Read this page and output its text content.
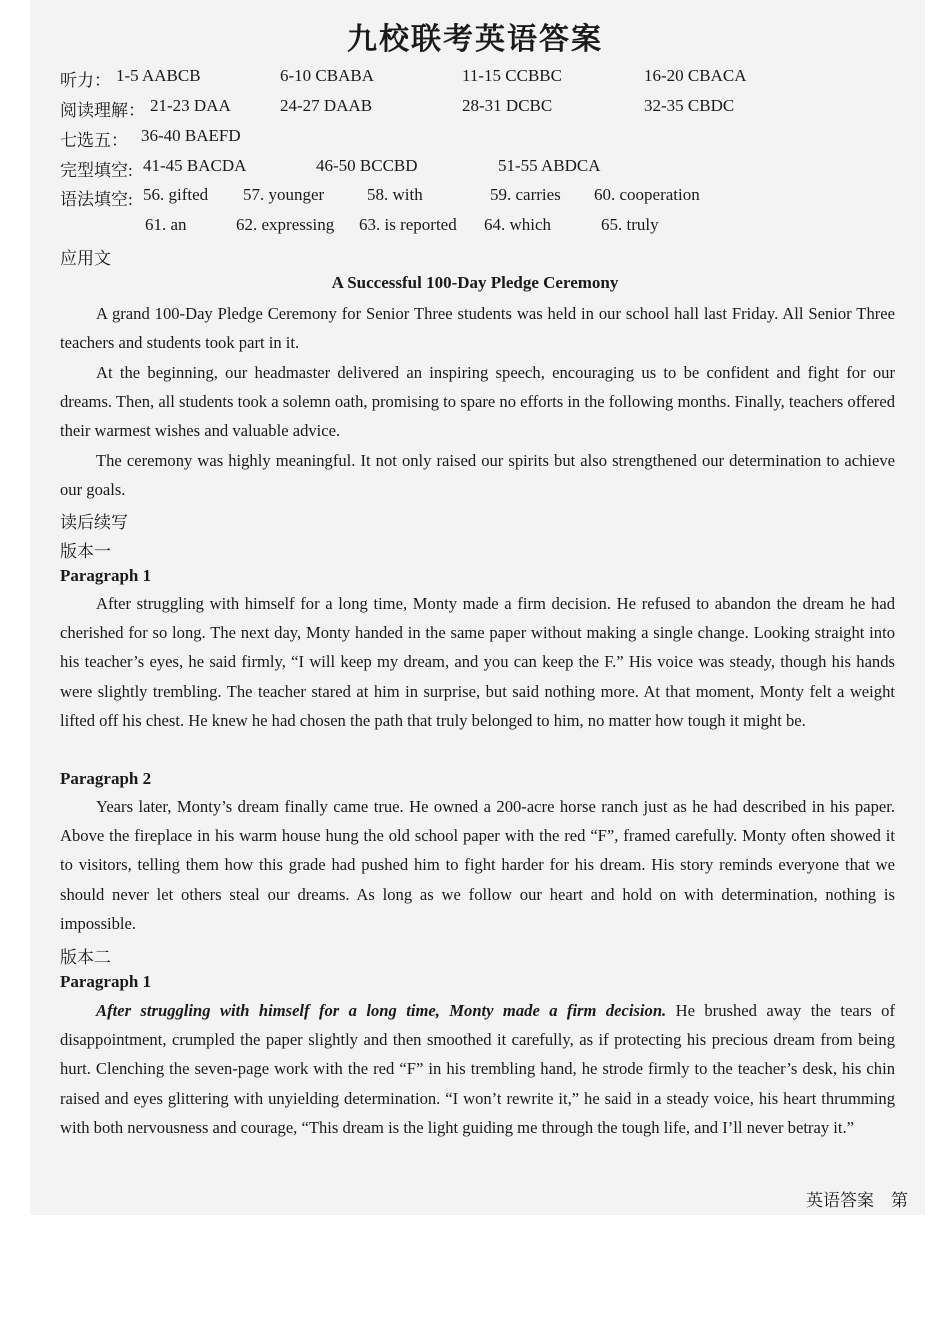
九校联考英语答案
听力： 1-5 AABCB	6-10 CBABA	11-15 CCBBC	16-20 CBACA
阅读理解： 21-23 DAA	24-27 DAAB	28-31 DCBC	32-35 CBDC
七选五： 36-40 BAEFD
完型填空: 41-45 BACDA	46-50 BCCBD	51-55 ABDCA
语法填空: 56. gifted 57. younger	58. with	59. carries 60. cooperation
61. an	62. expressing 63. is reported 64. which	65. truly
应用文
A Successful 100-Day Pledge Ceremony
A grand 100-Day Pledge Ceremony for Senior Three students was held in our school hall last Friday. All Senior Three teachers and students took part in it.
At the beginning, our headmaster delivered an inspiring speech, encouraging us to be confident and fight for our dreams. Then, all students took a solemn oath, promising to spare no efforts in the following months. Finally, teachers offered their warmest wishes and valuable advice.
The ceremony was highly meaningful. It not only raised our spirits but also strengthened our determination to achieve our goals.
读后续写
版本一
Paragraph 1
After struggling with himself for a long time, Monty made a firm decision. He refused to abandon the dream he had cherished for so long. The next day, Monty handed in the same paper without making a single change. Looking straight into his teacher’s eyes, he said firmly, “I will keep my dream, and you can keep the F.” His voice was steady, though his hands were slightly trembling. The teacher stared at him in surprise, but said nothing more. At that moment, Monty felt a weight lifted off his chest. He knew he had chosen the path that truly belonged to him, no matter how tough it might be.
Paragraph 2
Years later, Monty’s dream finally came true. He owned a 200-acre horse ranch just as he had described in his paper. Above the fireplace in his warm house hung the old school paper with the red “F”, framed carefully. Monty often showed it to visitors, telling them how this grade had pushed him to fight harder for his dream. His story reminds everyone that we should never let others steal our dreams. As long as we follow our heart and hold on with determination, nothing is impossible.
版本二
Paragraph 1
After struggling with himself for a long time, Monty made a firm decision. He brushed away the tears of disappointment, crumpled the paper slightly and then smoothed it carefully, as if protecting his precious dream from being hurt. Clenching the seven-page work with the red “F” in his trembling hand, he strode firmly to the teacher’s desk, his chin raised and eyes glittering with unyielding determination. “I won’t rewrite it,” he said in a steady voice, his heart thrumming with both nervousness and courage, “This dream is the light guiding me through the tough life, and I’ll never betray it.”
英语答案　第
